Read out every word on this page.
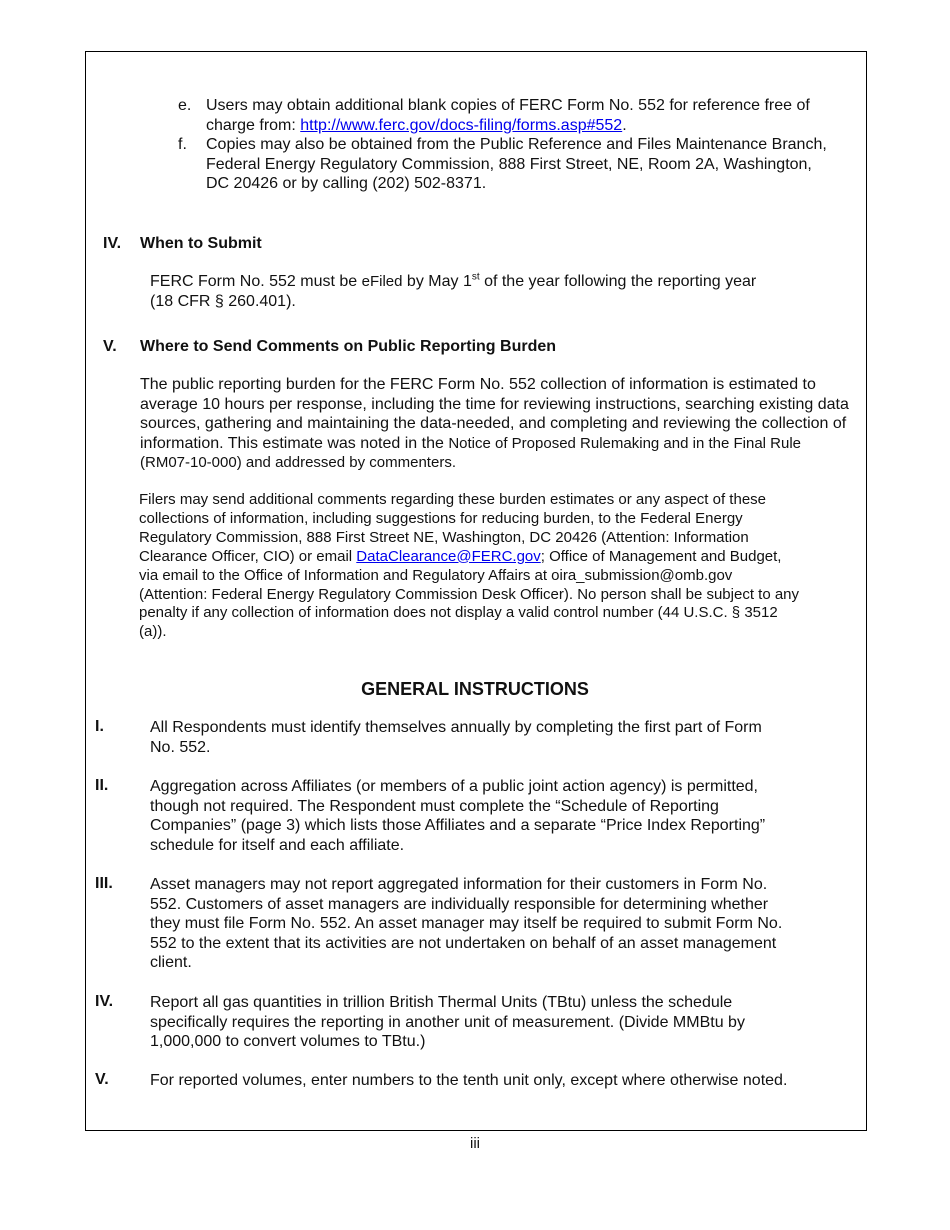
e. Users may obtain additional blank copies of FERC Form No. 552 for reference free of charge from: http://www.ferc.gov/docs-filing/forms.asp#552.
f. Copies may also be obtained from the Public Reference and Files Maintenance Branch, Federal Energy Regulatory Commission, 888 First Street, NE, Room 2A, Washington, DC 20426 or by calling (202) 502-8371.
IV. When to Submit
FERC Form No. 552 must be eFiled by May 1st of the year following the reporting year
(18 CFR § 260.401).
V. Where to Send Comments on Public Reporting Burden
The public reporting burden for the FERC Form No. 552 collection of information is estimated to average 10 hours per response, including the time for reviewing instructions, searching existing data sources, gathering and maintaining the data-needed, and completing and reviewing the collection of information. This estimate was noted in the Notice of Proposed Rulemaking and in the Final Rule (RM07-10-000) and addressed by commenters.
Filers may send additional comments regarding these burden estimates or any aspect of these collections of information, including suggestions for reducing burden, to the Federal Energy Regulatory Commission, 888 First Street NE, Washington, DC 20426 (Attention: Information Clearance Officer, CIO) or email DataClearance@FERC.gov; Office of Management and Budget, via email to the Office of Information and Regulatory Affairs at oira_submission@omb.gov (Attention: Federal Energy Regulatory Commission Desk Officer). No person shall be subject to any penalty if any collection of information does not display a valid control number (44 U.S.C. § 3512 (a)).
GENERAL INSTRUCTIONS
I.	All Respondents must identify themselves annually by completing the first part of Form No. 552.
II.	Aggregation across Affiliates (or members of a public joint action agency) is permitted, though not required. The Respondent must complete the “Schedule of Reporting Companies” (page 3) which lists those Affiliates and a separate “Price Index Reporting” schedule for itself and each affiliate.
III. Asset managers may not report aggregated information for their customers in Form No. 552. Customers of asset managers are individually responsible for determining whether they must file Form No. 552. An asset manager may itself be required to submit Form No. 552 to the extent that its activities are not undertaken on behalf of an asset management client.
IV. Report all gas quantities in trillion British Thermal Units (TBtu) unless the schedule specifically requires the reporting in another unit of measurement. (Divide MMBtu by 1,000,000 to convert volumes to TBtu.)
V.	For reported volumes, enter numbers to the tenth unit only, except where otherwise noted.
iii
